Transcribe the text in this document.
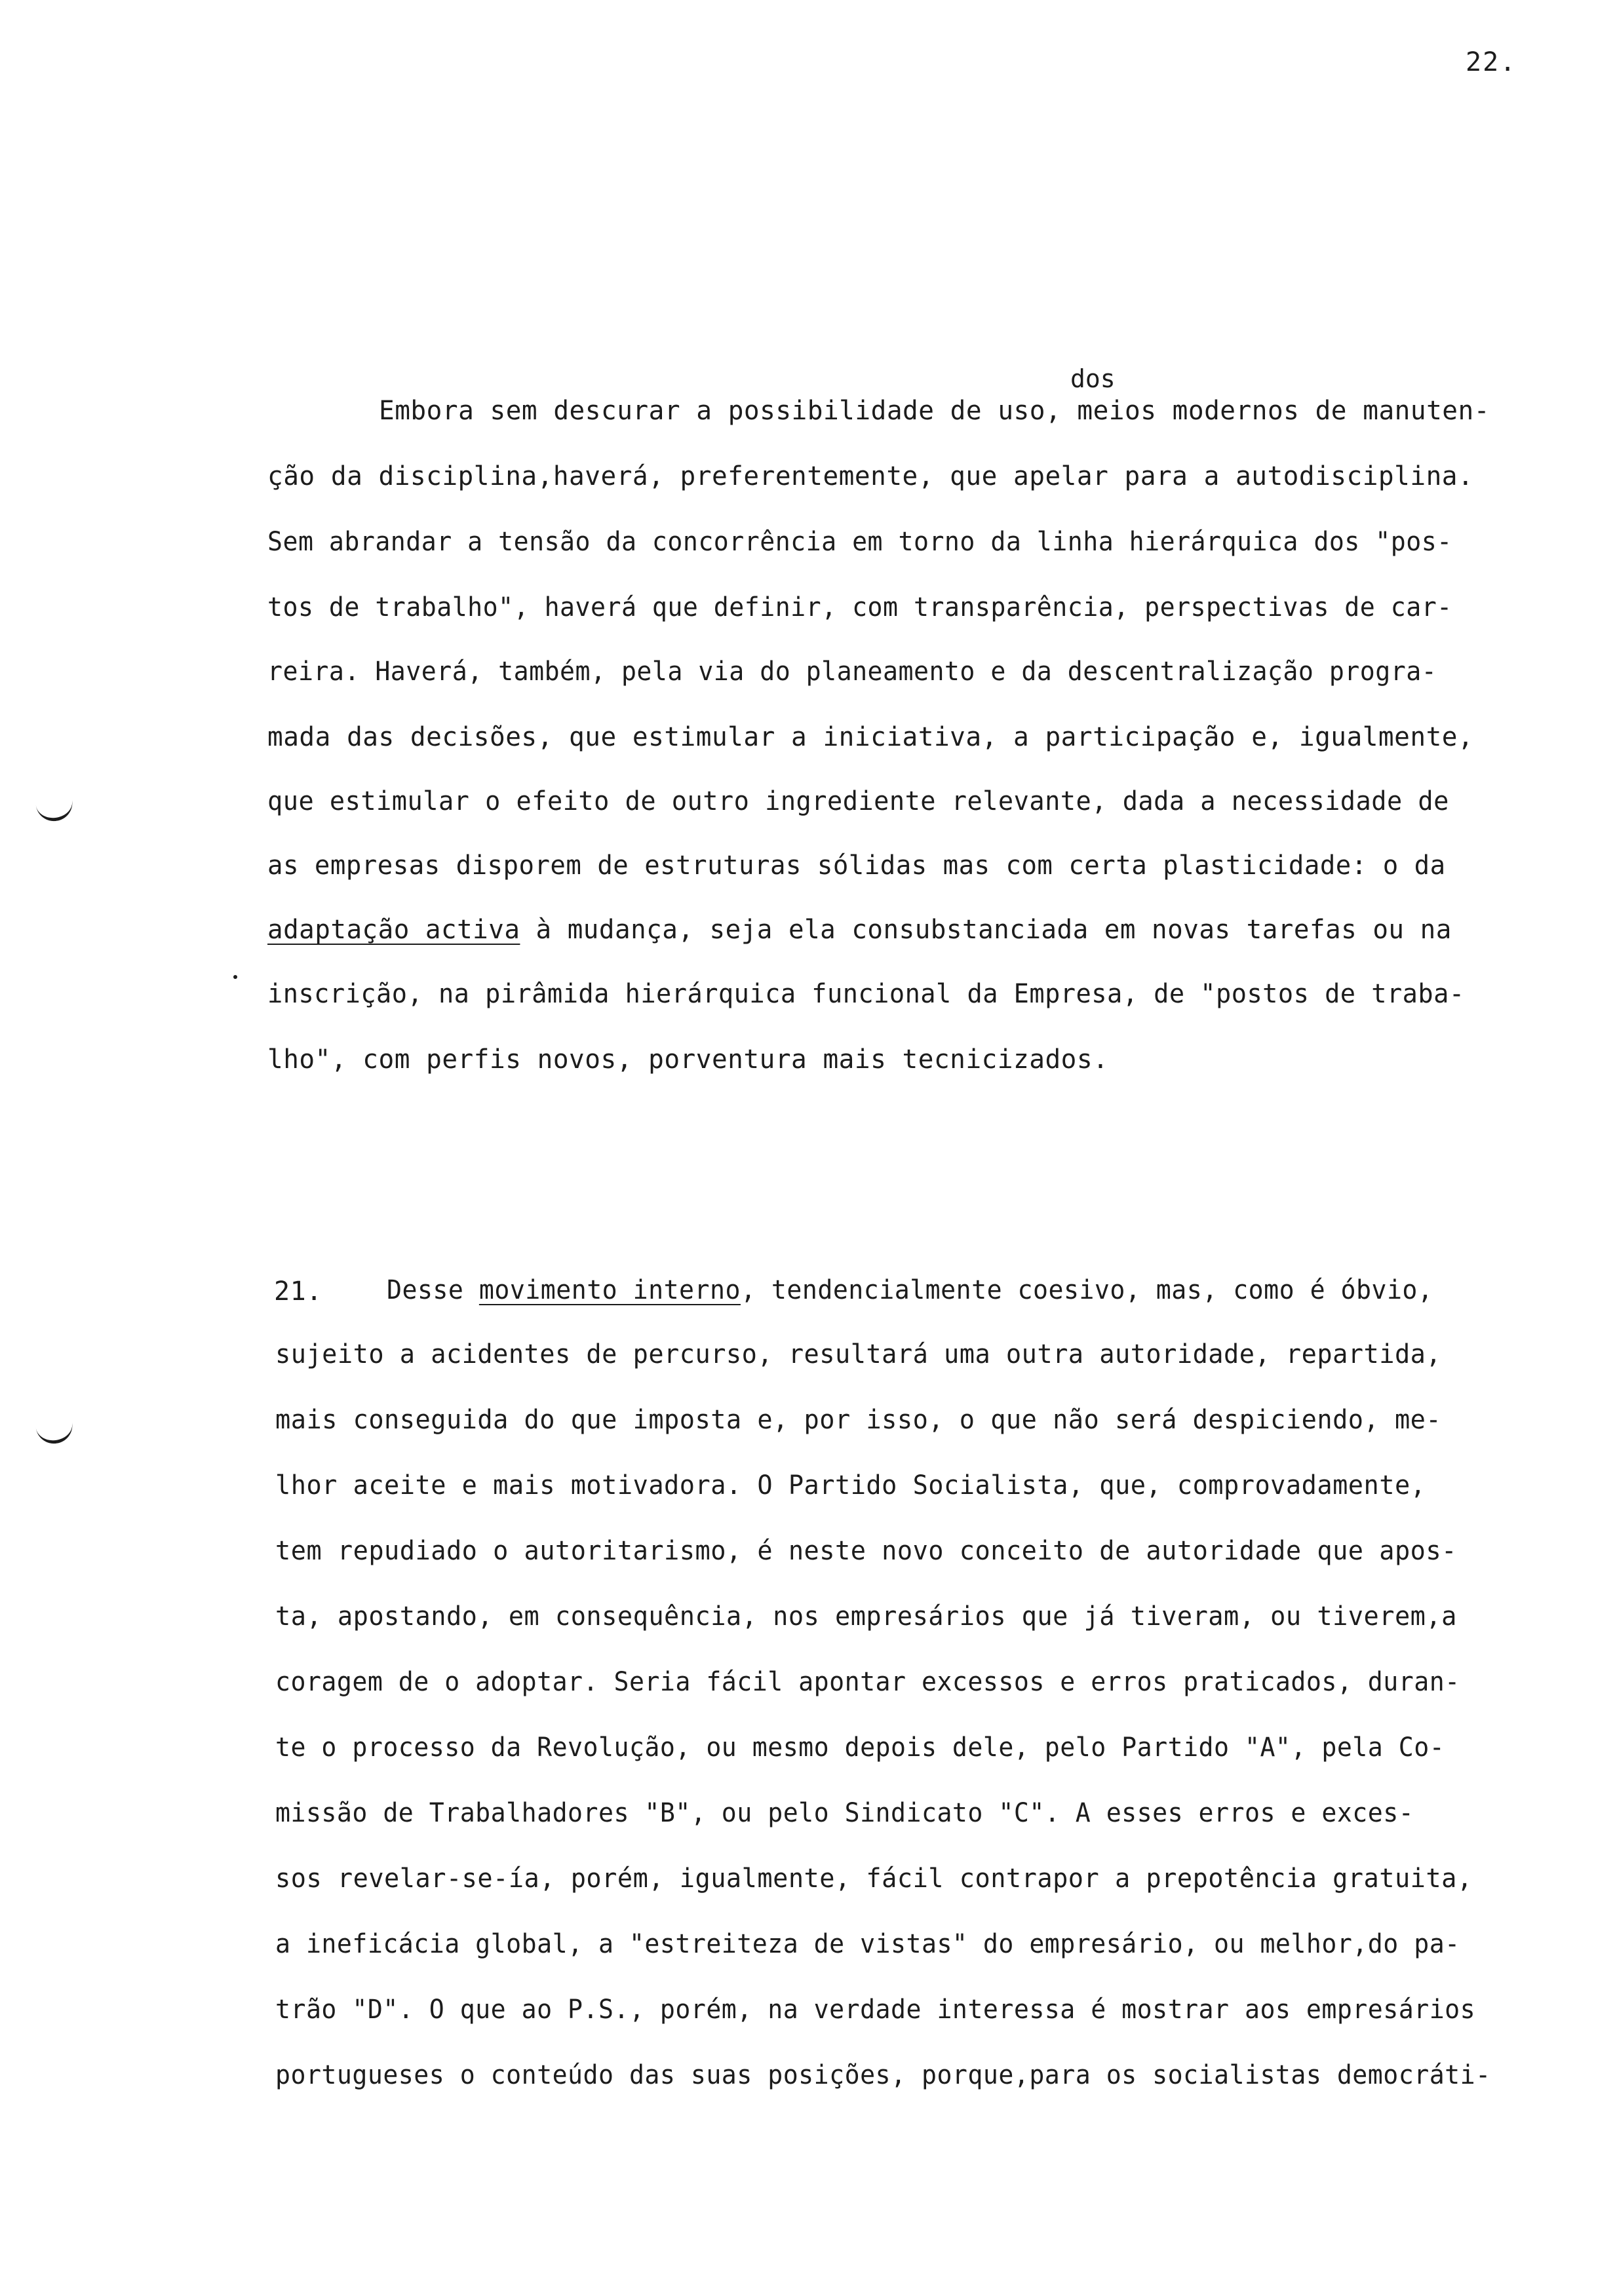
22.
dos
Embora sem descurar a possibilidade de uso, meios modernos de manuten-
ção da disciplina,haverá, preferentemente, que apelar para a autodisciplina.
Sem abrandar a tensão da concorrência em torno da linha hierárquica dos "pos-
tos de trabalho", haverá que definir, com transparência, perspectivas de car-
reira. Haverá, também, pela via do planeamento e da descentralização progra-
mada das decisões, que estimular a iniciativa, a participação e, igualmente,
que estimular o efeito de outro ingrediente relevante, dada a necessidade de
as empresas disporem de estruturas sólidas mas com certa plasticidade: o da
adaptação activa à mudança, seja ela consubstanciada em novas tarefas ou na
inscrição, na pirâmida hierárquica funcional da Empresa, de "postos de traba-
lho", com perfis novos, porventura mais tecnicizados.
21. Desse movimento interno, tendencialmente coesivo, mas, como é óbvio,
sujeito a acidentes de percurso, resultará uma outra autoridade, repartida,
mais conseguida do que imposta e, por isso, o que não será despiciendo, me-
lhor aceite e mais motivadora. O Partido Socialista, que, comprovadamente,
tem repudiado o autoritarismo, é neste novo conceito de autoridade que apos-
ta, apostando, em consequência, nos empresários que já tiveram, ou tiverem,a
coragem de o adoptar. Seria fácil apontar excessos e erros praticados, duran-
te o processo da Revolução, ou mesmo depois dele, pelo Partido "A", pela Co-
missão de Trabalhadores "B", ou pelo Sindicato "C". A esses erros e exces-
sos revelar-se-ía, porém, igualmente, fácil contrapor a prepotência gratuita,
a ineficácia global, a "estreiteza de vistas" do empresário, ou melhor,do pa-
trão "D". O que ao P.S., porém, na verdade interessa é mostrar aos empresários
portugueses o conteúdo das suas posições, porque,para os socialistas democráti-
